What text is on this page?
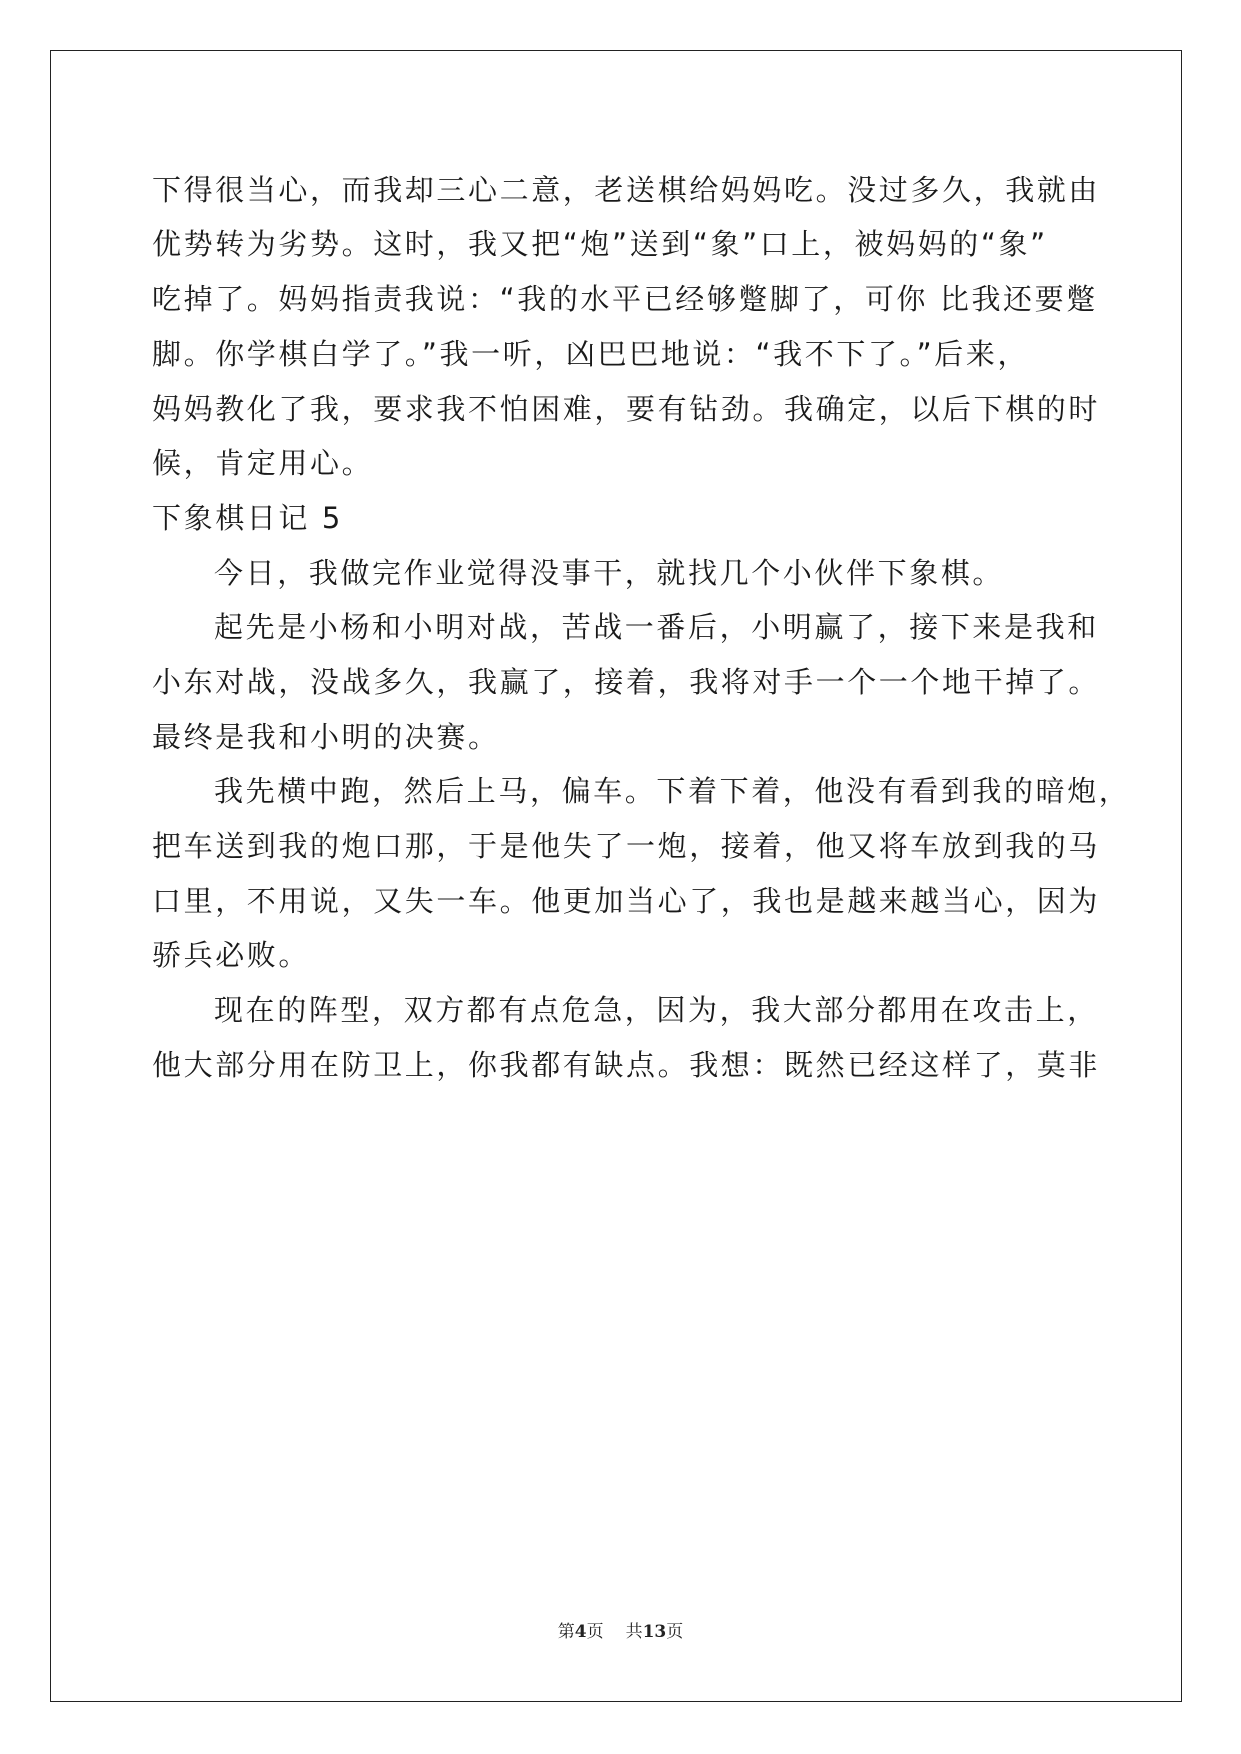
下得很当心，而我却三心二意，老送棋给妈妈吃。没过多久，我就由
优势转为劣势。这时，我又把“炮”送到“象”口上，被妈妈的“象”
吃掉了。妈妈指责我说：“我的水平已经够蹩脚了，可你 比我还要蹩
脚。你学棋白学了。”我一听，凶巴巴地说：“我不下了。”后来，
妈妈教化了我，要求我不怕困难，要有钻劲。我确定，以后下棋的时
候，肯定用心。
下象棋日记 5
今日，我做完作业觉得没事干，就找几个小伙伴下象棋。
起先是小杨和小明对战，苦战一番后，小明赢了，接下来是我和
小东对战，没战多久，我赢了，接着，我将对手一个一个地干掉了。
最终是我和小明的决赛。
我先横中跑，然后上马，偏车。下着下着，他没有看到我的暗炮，
把车送到我的炮口那，于是他失了一炮，接着，他又将车放到我的马
口里，不用说，又失一车。他更加当心了，我也是越来越当心，因为
骄兵必败。
现在的阵型，双方都有点危急，因为，我大部分都用在攻击上，
他大部分用在防卫上，你我都有缺点。我想：既然已经这样了，莫非
第4页 共13页
